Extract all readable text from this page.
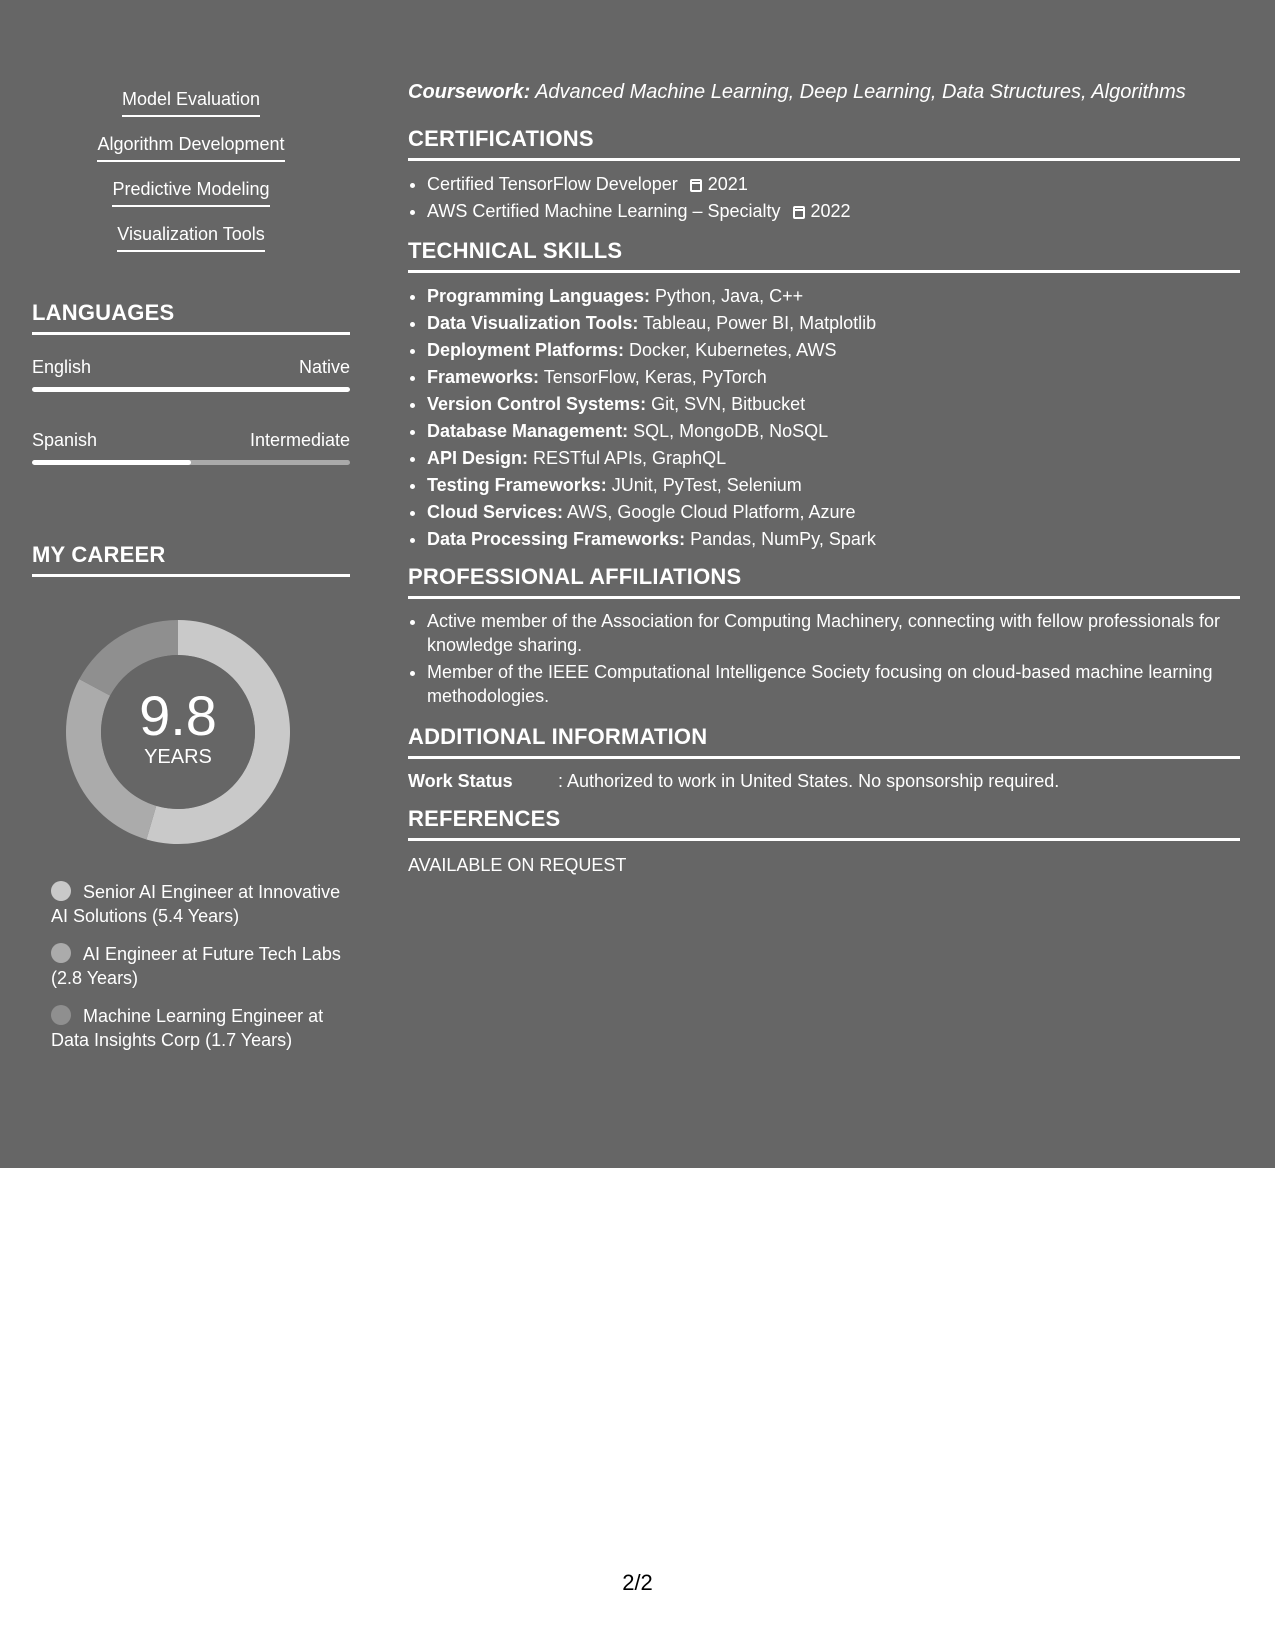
Model Evaluation
Algorithm Development
Predictive Modeling
Visualization Tools
LANGUAGES
English	Native
Spanish	Intermediate
MY CAREER
9.8
YEARS
Senior AI Engineer at Innovative AI Solutions (5.4 Years)
AI Engineer at Future Tech Labs (2.8 Years)
Machine Learning Engineer at Data Insights Corp (1.7 Years)
Coursework: Advanced Machine Learning, Deep Learning, Data Structures, Algorithms
CERTIFICATIONS
• Certified TensorFlow Developer 2021
• AWS Certified Machine Learning – Specialty 2022
TECHNICAL SKILLS
• Programming Languages: Python, Java, C++
• Data Visualization Tools: Tableau, Power BI, Matplotlib
• Deployment Platforms: Docker, Kubernetes, AWS
• Frameworks: TensorFlow, Keras, PyTorch
• Version Control Systems: Git, SVN, Bitbucket
• Database Management: SQL, MongoDB, NoSQL
• API Design: RESTful APIs, GraphQL
• Testing Frameworks: JUnit, PyTest, Selenium
• Cloud Services: AWS, Google Cloud Platform, Azure
• Data Processing Frameworks: Pandas, NumPy, Spark
PROFESSIONAL AFFILIATIONS
• Active member of the Association for Computing Machinery, connecting with fellow professionals for knowledge sharing.
• Member of the IEEE Computational Intelligence Society focusing on cloud-based machine learning methodologies.
ADDITIONAL INFORMATION
Work Status	: Authorized to work in United States. No sponsorship required.
REFERENCES
AVAILABLE ON REQUEST
2/2
